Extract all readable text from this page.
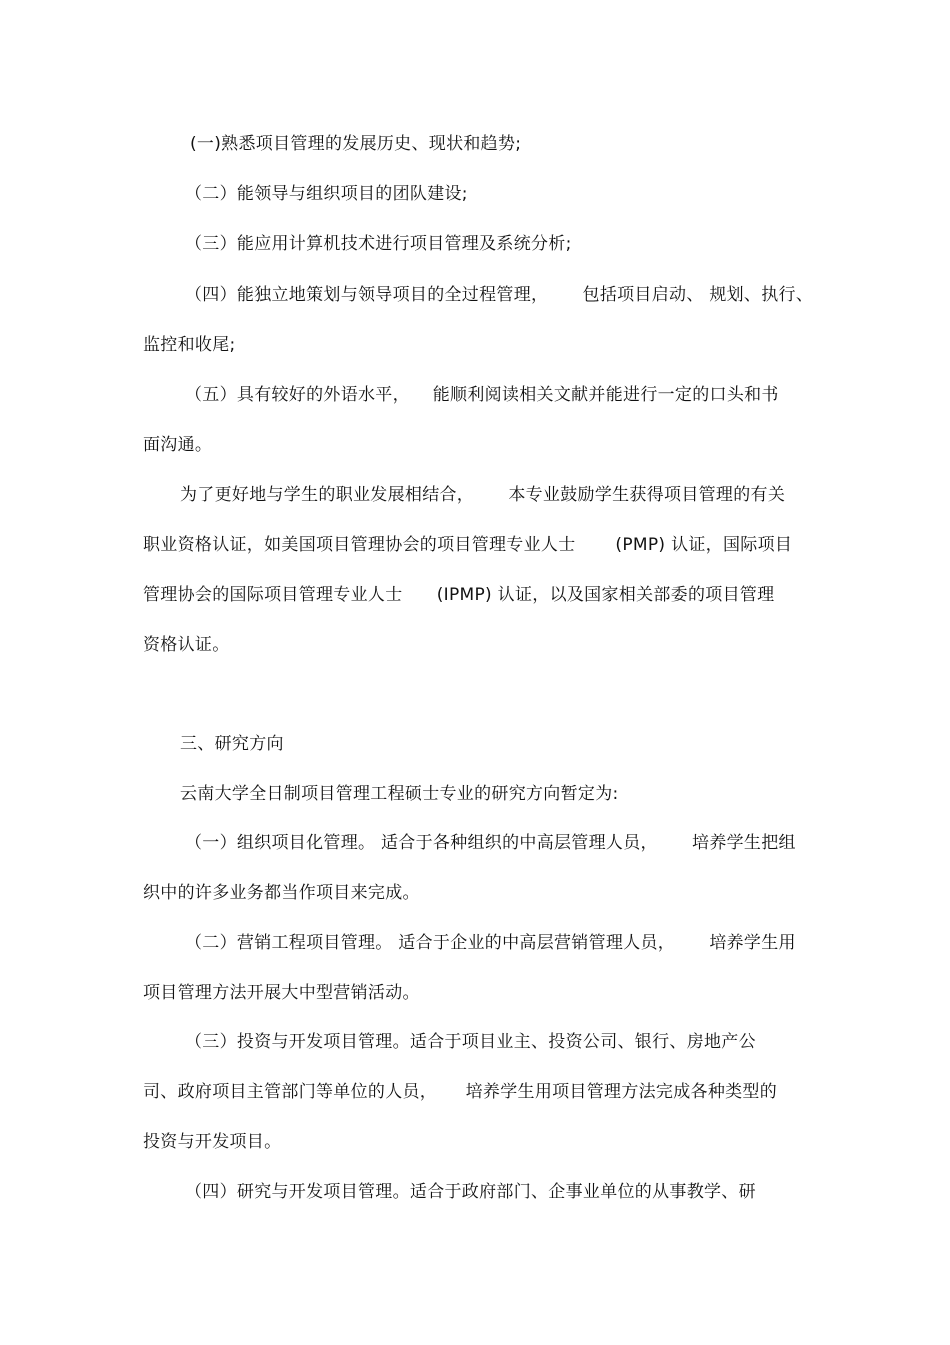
(一)熟悉项目管理的发展历史、现状和趋势;
（二）能领导与组织项目的团队建设;
（三）能应用计算机技术进行项目管理及系统分析;
（四）能独立地策划与领导项目的全过程管理，      包括项目启动、 规划、执行、
监控和收尾;
（五）具有较好的外语水平，    能顺利阅读相关文献并能进行一定的口头和书
面沟通。
为了更好地与学生的职业发展相结合，      本专业鼓励学生获得项目管理的有关
职业资格认证，如美国项目管理协会的项目管理专业人士       (PMP) 认证，国际项目
管理协会的国际项目管理专业人士      (IPMP) 认证，以及国家相关部委的项目管理
资格认证。
三、研究方向
云南大学全日制项目管理工程硕士专业的研究方向暂定为:
（一）组织项目化管理。 适合于各种组织的中高层管理人员，      培养学生把组
织中的许多业务都当作项目来完成。
（二）营销工程项目管理。 适合于企业的中高层营销管理人员，      培养学生用
项目管理方法开展大中型营销活动。
（三）投资与开发项目管理。适合于项目业主、投资公司、银行、房地产公
司、政府项目主管部门等单位的人员，     培养学生用项目管理方法完成各种类型的
投资与开发项目。
（四）研究与开发项目管理。适合于政府部门、企事业单位的从事教学、研
